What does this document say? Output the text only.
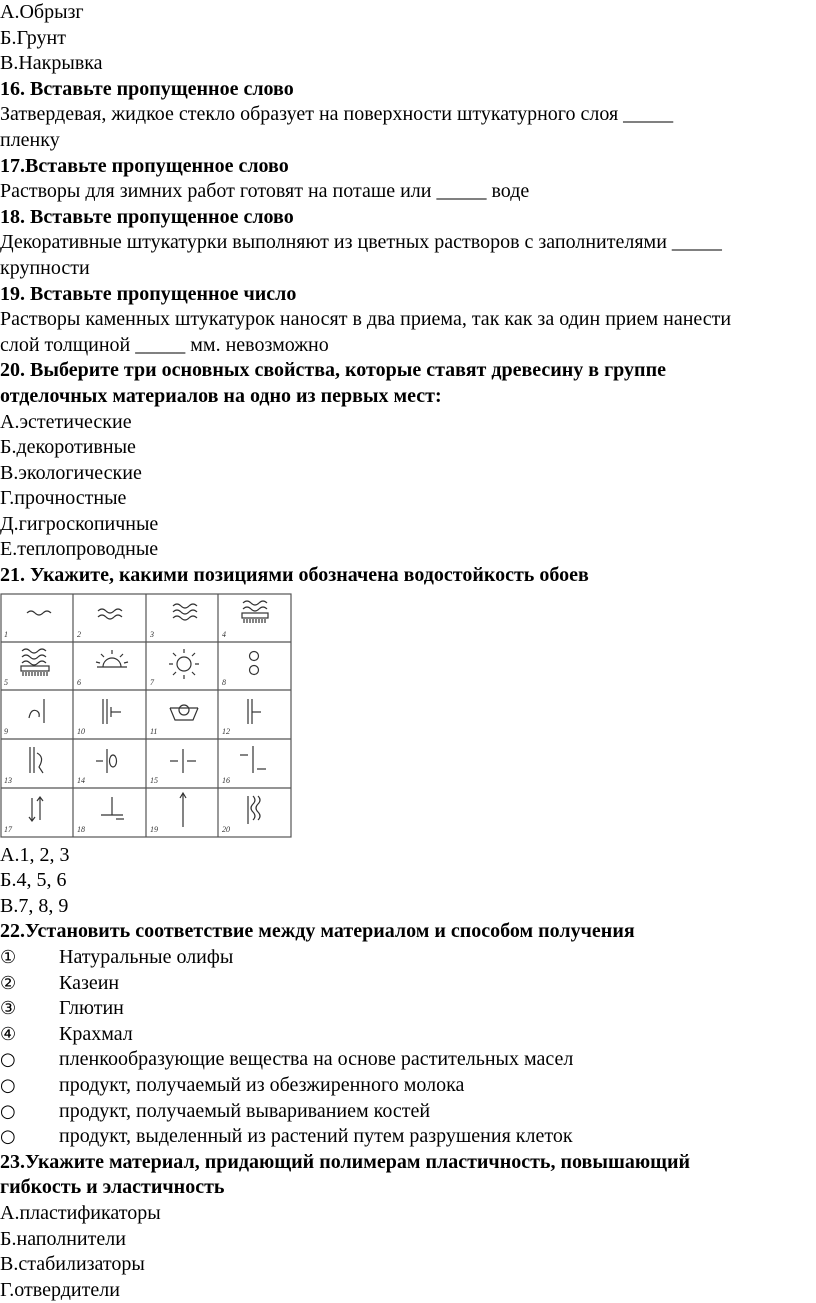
А.Обрызг
Б.Грунт
В.Накрывка
16. Вставьте пропущенное слово
Затвердевая, жидкое стекло образует на поверхности штукатурного слоя _____
пленку
17.Вставьте пропущенное слово
Растворы для зимних работ готовят на поташе или _____ воде
18. Вставьте пропущенное слово
Декоративные штукатурки выполняют из цветных растворов с заполнителями _____
крупности
19. Вставьте пропущенное число
Растворы каменных штукатурок наносят в два приема, так как за один прием нанести
слой толщиной _____ мм. невозможно
20. Выберите три основных свойства, которые ставят древесину в группе
отделочных материалов на одно из первых мест:
А.эстетические
Б.декоротивные
В.экологические
Г.прочностные
Д.гигроскопичные
Е.теплопроводные
21. Укажите, какими позициями обозначена водостойкость обоев
1	2	3	4
5	6	7	8
9	10	11	12
13	14	15	16
17	18	19	20
А.1, 2, 3
Б.4, 5, 6
В.7, 8, 9
22.Установить соответствие между материалом и способом получения
①	Натуральные олифы
②	Казеин
③	Глютин
④	Крахмал
○	пленкообразующие вещества на основе растительных масел
○	продукт, получаемый из обезжиренного молока
○	продукт, получаемый вывариванием костей
○	продукт, выделенный из растений путем разрушения клеток
23.Укажите материал, придающий полимерам пластичность, повышающий
гибкость и эластичность
А.пластификаторы
Б.наполнители
В.стабилизаторы
Г.отвердители
